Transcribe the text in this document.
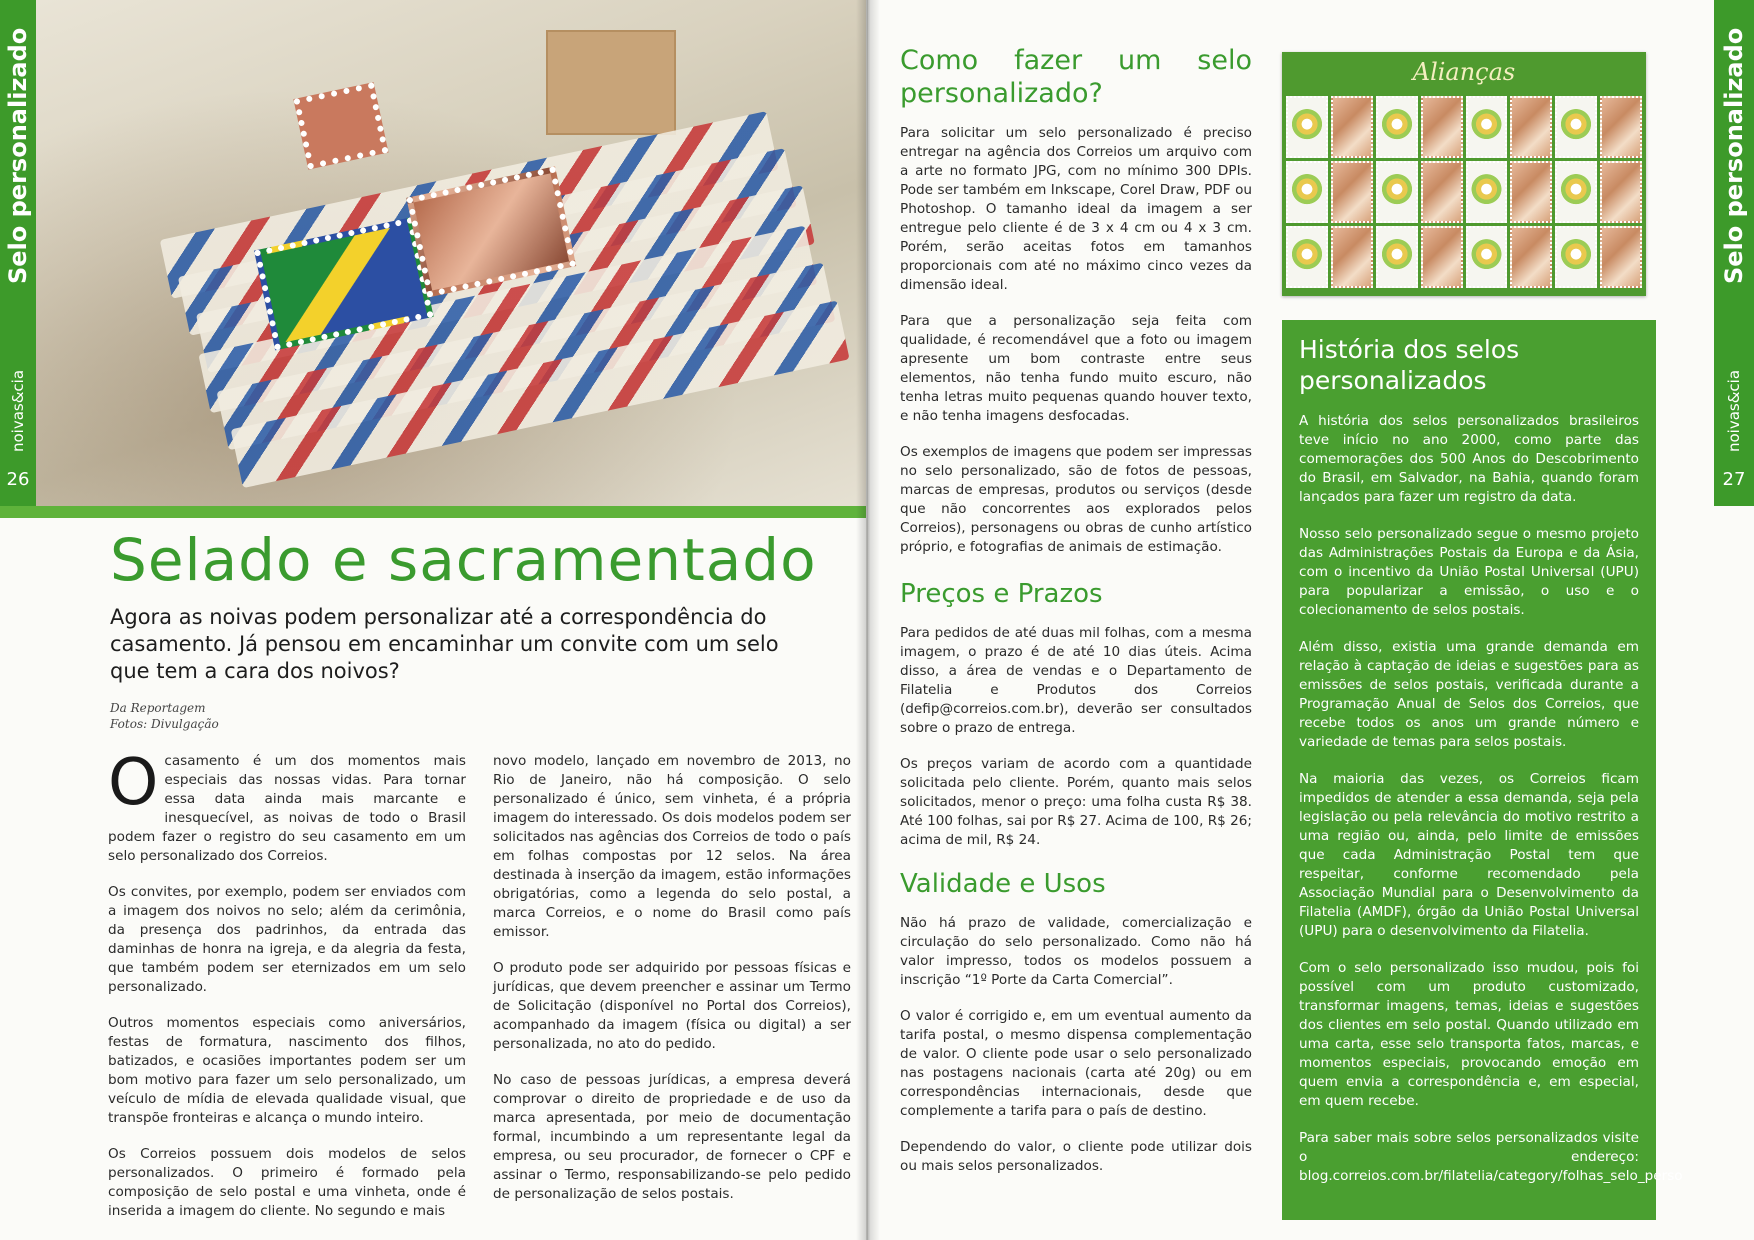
Selo personalizado
noivas&cia
26
Selado e sacramentado

Agora as noivas podem personalizar até a correspondência do casamento. Já pensou em encaminhar um convite com um selo que tem a cara dos noivos?

Da Reportagem
Fotos: Divulgação

Ocasamento é um dos momentos mais especiais das nossas vidas. Para tornar essa data ainda mais marcante e inesquecível, as noivas de todo o Brasil podem fazer o registro do seu casamento em um selo personalizado dos Correios.

Os convites, por exemplo, podem ser enviados com a imagem dos noivos no selo; além da cerimônia, da presença dos padrinhos, da entrada das daminhas de honra na igreja, e da alegria da festa, que também podem ser eternizados em um selo personalizado.

Outros momentos especiais como aniversários, festas de formatura, nascimento dos filhos, batizados, e ocasiões importantes podem ser um bom motivo para fazer um selo personalizado, um veículo de mídia de elevada qualidade visual, que transpõe fronteiras e alcança o mundo inteiro.

Os Correios possuem dois modelos de selos personalizados. O primeiro é formado pela composição de selo postal e uma vinheta, onde é inserida a imagem do cliente. No segundo e mais

novo modelo, lançado em novembro de 2013, no Rio de Janeiro, não há composição. O selo personalizado é único, sem vinheta, é a própria imagem do interessado. Os dois modelos podem ser solicitados nas agências dos Correios de todo o país em folhas compostas por 12 selos. Na área destinada à inserção da imagem, estão informações obrigatórias, como a legenda do selo postal, a marca Correios, e o nome do Brasil como país emissor.

O produto pode ser adquirido por pessoas físicas e jurídicas, que devem preencher e assinar um Termo de Solicitação (disponível no Portal dos Correios), acompanhado da imagem (física ou digital) a ser personalizada, no ato do pedido.

No caso de pessoas jurídicas, a empresa deverá comprovar o direito de propriedade e de uso da marca apresentada, por meio de documentação formal, incumbindo a um representante legal da empresa, ou seu procurador, de fornecer o CPF e assinar o Termo, responsabilizando-se pelo pedido de personalização de selos postais.

Como fazer um selo personalizado?

Para solicitar um selo personalizado é preciso entregar na agência dos Correios um arquivo com a arte no formato JPG, com no mínimo 300 DPIs. Pode ser também em Inkscape, Corel Draw, PDF ou Photoshop. O tamanho ideal da imagem a ser entregue pelo cliente é de 3 x 4 cm ou 4 x 3 cm. Porém, serão aceitas fotos em tamanhos proporcionais com até no máximo cinco vezes da dimensão ideal.

Para que a personalização seja feita com qualidade, é recomendável que a foto ou imagem apresente um bom contraste entre seus elementos, não tenha fundo muito escuro, não tenha letras muito pequenas quando houver texto, e não tenha imagens desfocadas.

Os exemplos de imagens que podem ser impressas no selo personalizado, são de fotos de pessoas, marcas de empresas, produtos ou serviços (desde que não concorrentes aos explorados pelos Correios), personagens ou obras de cunho artístico próprio, e fotografias de animais de estimação.

Preços e Prazos

Para pedidos de até duas mil folhas, com a mesma imagem, o prazo é de até 10 dias úteis. Acima disso, a área de vendas e o Departamento de Filatelia e Produtos dos Correios (defip@correios.com.br), deverão ser consultados sobre o prazo de entrega.

Os preços variam de acordo com a quantidade solicitada pelo cliente. Porém, quanto mais selos solicitados, menor o preço: uma folha custa R$ 38. Até 100 folhas, sai por R$ 27. Acima de 100, R$ 26; acima de mil, R$ 24.

Validade e Usos

Não há prazo de validade, comercialização e circulação do selo personalizado. Como não há valor impresso, todos os modelos possuem a inscrição “1º Porte da Carta Comercial”.

O valor é corrigido e, em um eventual aumento da tarifa postal, o mesmo dispensa complementação de valor. O cliente pode usar o selo personalizado nas postagens nacionais (carta até 20g) ou em correspondências internacionais, desde que complemente a tarifa para o país de destino.

Dependendo do valor, o cliente pode utilizar dois ou mais selos personalizados.

Alianças
História dos selos personalizados

A história dos selos personalizados brasileiros teve início no ano 2000, como parte das comemorações dos 500 Anos do Descobrimento do Brasil, em Salvador, na Bahia, quando foram lançados para fazer um registro da data.

Nosso selo personalizado segue o mesmo projeto das Administrações Postais da Europa e da Ásia, com o incentivo da União Postal Universal (UPU) para popularizar a emissão, o uso e o colecionamento de selos postais.

Além disso, existia uma grande demanda em relação à captação de ideias e sugestões para as emissões de selos postais, verificada durante a Programação Anual de Selos dos Correios, que recebe todos os anos um grande número e variedade de temas para selos postais.

Na maioria das vezes, os Correios ficam impedidos de atender a essa demanda, seja pela legislação ou pela relevância do motivo restrito a uma região ou, ainda, pelo limite de emissões que cada Administração Postal tem que respeitar, conforme recomendado pela Associação Mundial para o Desenvolvimento da Filatelia (AMDF), órgão da União Postal Universal (UPU) para o desenvolvimento da Filatelia.

Com o selo personalizado isso mudou, pois foi possível com um produto customizado, transformar imagens, temas, ideias e sugestões dos clientes em selo postal. Quando utilizado em uma carta, esse selo transporta fatos, marcas, e momentos especiais, provocando emoção em quem envia a correspondência e, em especial, em quem recebe.

Para saber mais sobre selos personalizados visite o endereço: blog.correios.com.br/filatelia/category/folhas_selo_perso

Selo personalizado
noivas&cia
27
